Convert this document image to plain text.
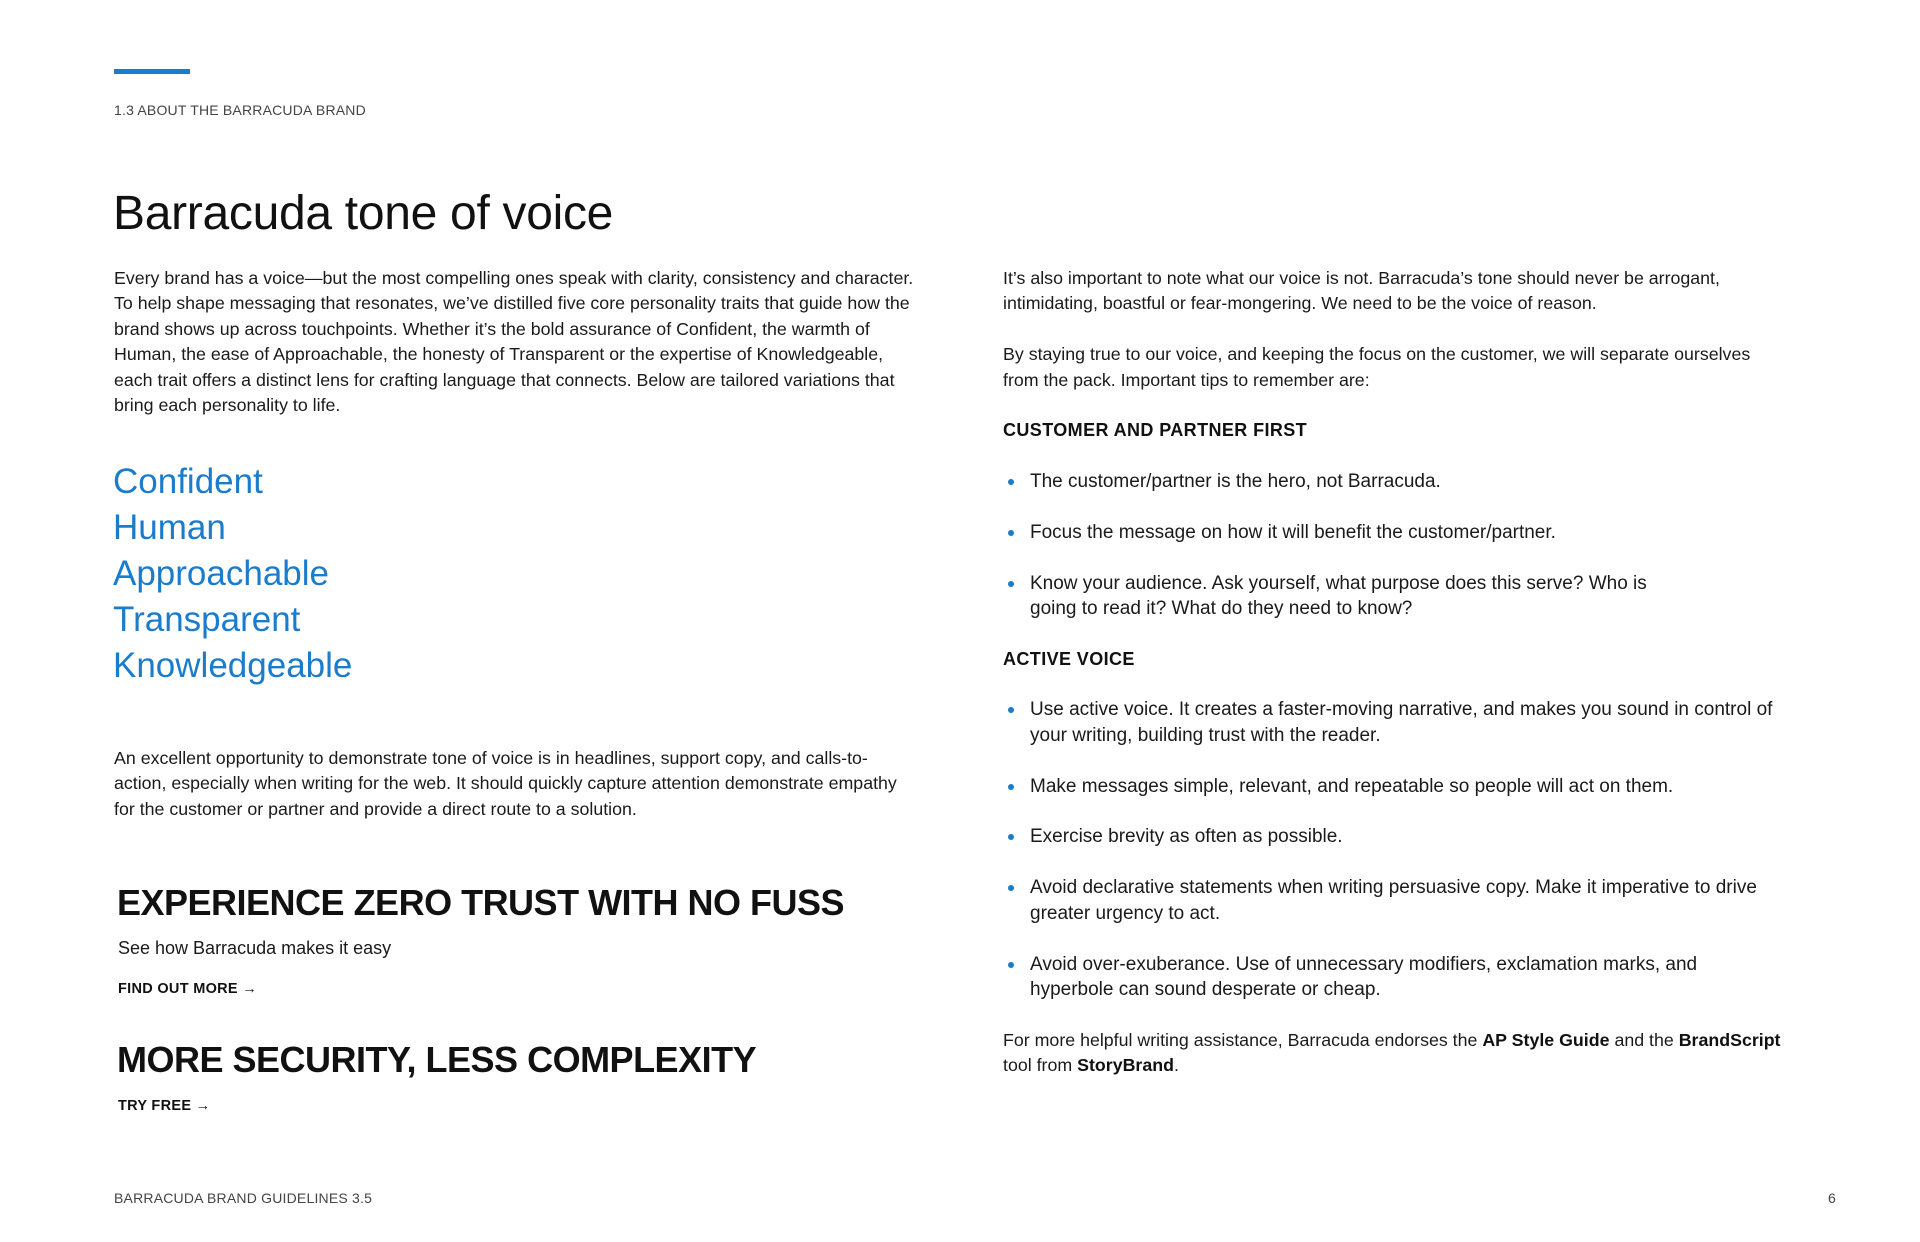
1.3 ABOUT THE BARRACUDA BRAND
Barracuda tone of voice

Every brand has a voice—but the most compelling ones speak with clarity, consistency and character. To help shape messaging that resonates, we’ve distilled five core personality traits that guide how the brand shows up across touchpoints. Whether it’s the bold assurance of Confident, the warmth of Human, the ease of Approachable, the honesty of Transparent or the expertise of Knowledgeable, each trait offers a distinct lens for crafting language that connects. Below are tailored variations that bring each personality to life.

Confident
Human
Approachable
Transparent
Knowledgeable

An excellent opportunity to demonstrate tone of voice is in headlines, support copy, and calls-to-action, especially when writing for the web. It should quickly capture attention demonstrate empathy for the customer or partner and provide a direct route to a solution.

EXPERIENCE ZERO TRUST WITH NO FUSS
See how Barracuda makes it easy
FIND OUT MORE →
MORE SECURITY, LESS COMPLEXITY
TRY FREE →

It’s also important to note what our voice is not. Barracuda’s tone should never be arrogant, intimidating, boastful or fear-mongering. We need to be the voice of reason.

By staying true to our voice, and keeping the focus on the customer, we will separate ourselves from the pack. Important tips to remember are:

CUSTOMER AND PARTNER FIRST
The customer/partner is the hero, not Barracuda.
Focus the message on how it will benefit the customer/partner.
Know your audience. Ask yourself, what purpose does this serve? Who is going to read it? What do they need to know?
ACTIVE VOICE
Use active voice. It creates a faster-moving narrative, and makes you sound in control of your writing, building trust with the reader.
Make messages simple, relevant, and repeatable so people will act on them.
Exercise brevity as often as possible.
Avoid declarative statements when writing persuasive copy. Make it imperative to drive greater urgency to act.
Avoid over-exuberance. Use of unnecessary modifiers, exclamation marks, and hyperbole can sound desperate or cheap.

For more helpful writing assistance, Barracuda endorses the AP Style Guide and the BrandScript tool from StoryBrand.

BARRACUDA BRAND GUIDELINES 3.5	6
